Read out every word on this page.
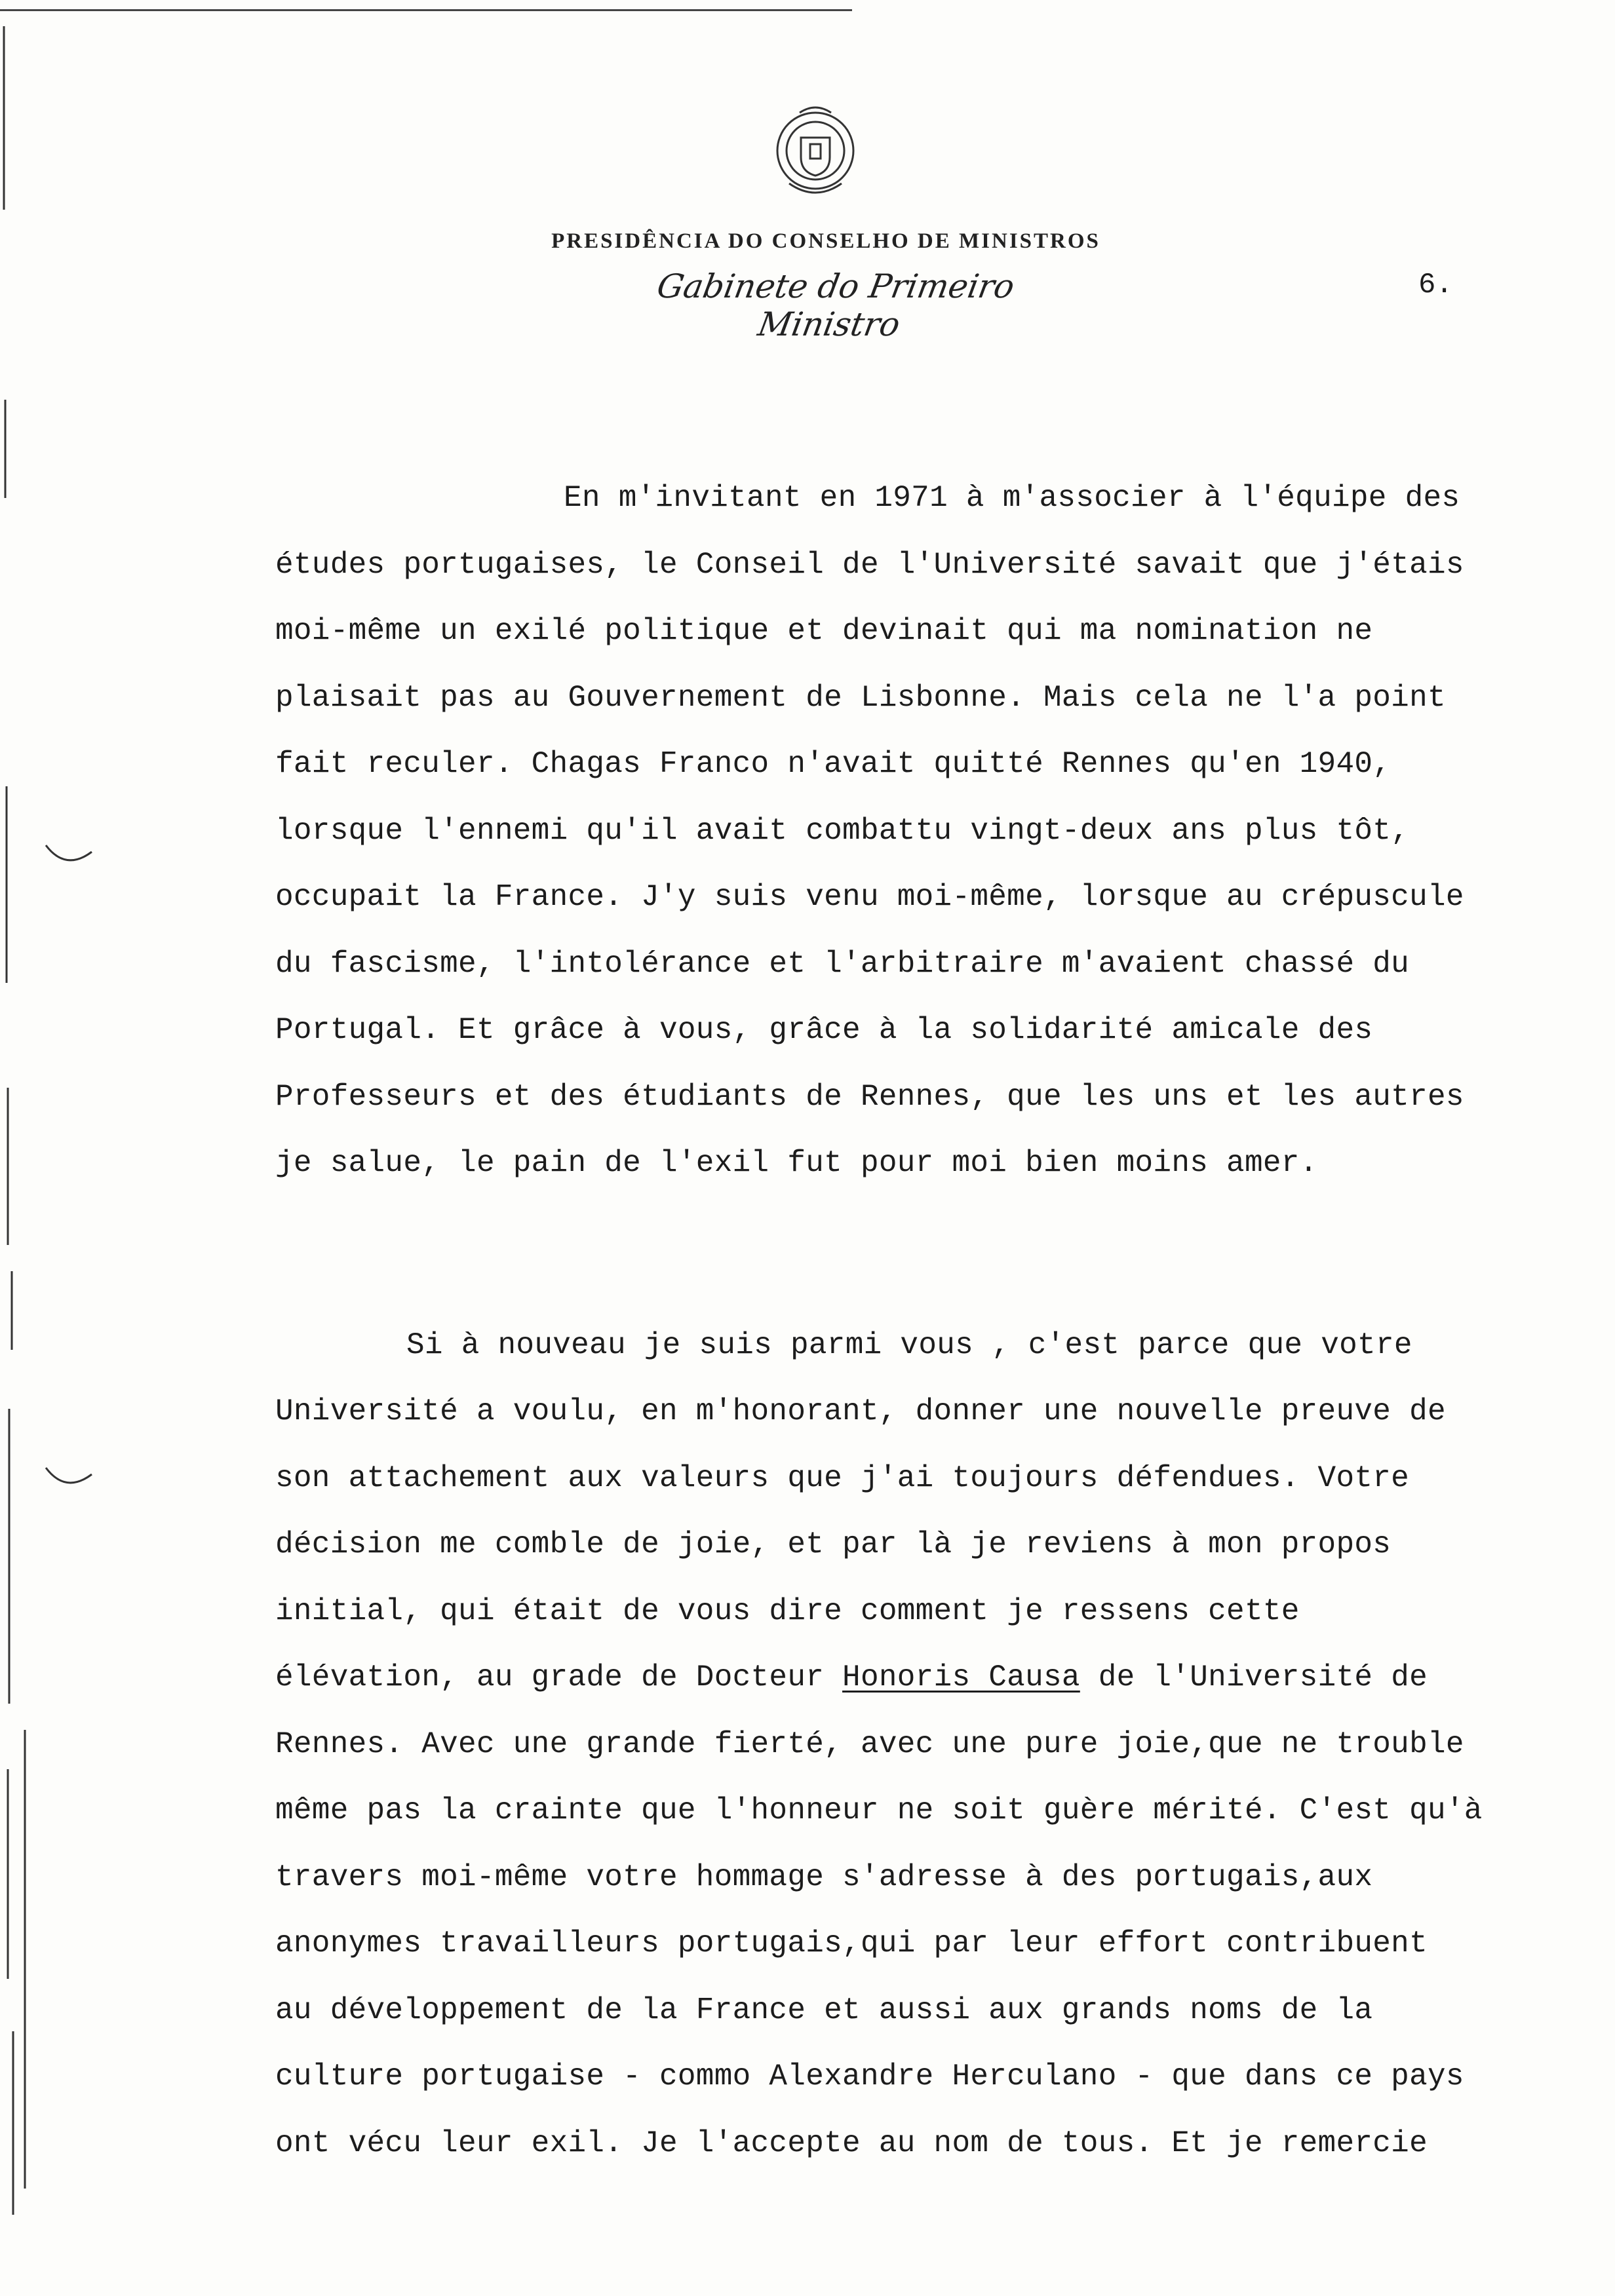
PRESIDÊNCIA DO CONSELHO DE MINISTROS
Gabinete do Primeiro Ministro
6.
En m'invitant en 1971 à m'associer à l'équipe des
études portugaises, le Conseil de l'Université savait que j'étais
moi-même un exilé politique et devinait qui ma nomination ne
plaisait pas au Gouvernement de Lisbonne. Mais cela ne l'a point
fait reculer. Chagas Franco n'avait quitté Rennes qu'en 1940,
lorsque l'ennemi qu'il avait combattu vingt-deux ans plus tôt,
occupait la France. J'y suis venu moi-même, lorsque au crépuscule
du fascisme, l'intolérance et l'arbitraire m'avaient chassé du
Portugal. Et grâce à vous, grâce à la solidarité amicale des
Professeurs et des étudiants de Rennes, que les uns et les autres
je salue, le pain de l'exil fut pour moi bien moins amer.
Si à nouveau je suis parmi vous , c'est parce que votre
Université a voulu, en m'honorant, donner une nouvelle preuve de
son attachement aux valeurs que j'ai toujours défendues. Votre
décision me comble de joie, et par là je reviens à mon propos
initial, qui était de vous dire comment je ressens cette
élévation, au grade de Docteur Honoris Causa de l'Université de
Rennes. Avec une grande fierté, avec une pure joie,que ne trouble
même pas la crainte que l'honneur ne soit guère mérité. C'est qu'à
travers moi-même votre hommage s'adresse à des portugais,aux
anonymes travailleurs portugais,qui par leur effort contribuent
au développement de la France et aussi aux grands noms de la
culture portugaise - commo Alexandre Herculano - que dans ce pays
ont vécu leur exil. Je l'accepte au nom de tous. Et je remercie
